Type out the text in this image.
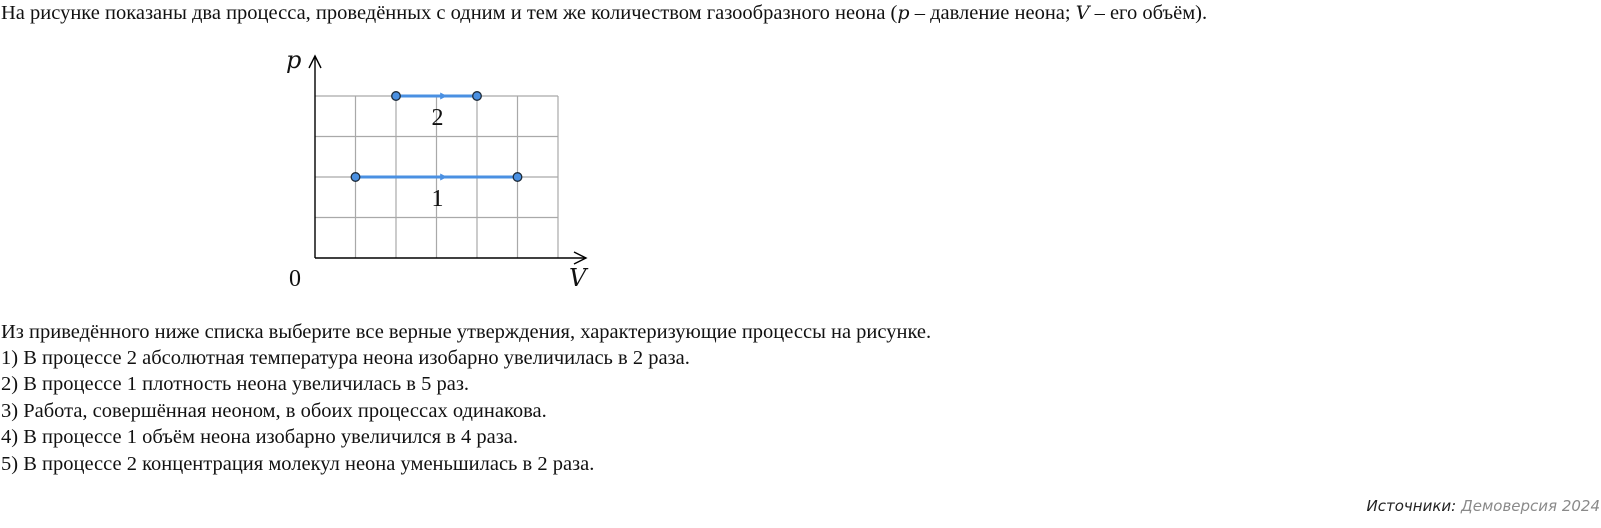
На рисунке показаны два процесса, проведённых с одним и тем же количеством газообразного неона (p – давление неона; V – его объём).
p
V
0
1
2
Из приведённого ниже списка выберите все верные утверждения, характеризующие процессы на рисунке.
1) В процессе 2 абсолютная температура неона изобарно увеличилась в 2 раза.
2) В процессе 1 плотность неона увеличилась в 5 раз.
3) Работа, совершённая неоном, в обоих процессах одинакова.
4) В процессе 1 объём неона изобарно увеличился в 4 раза.
5) В процессе 2 концентрация молекул неона уменьшилась в 2 раза.
Источники: Демоверсия 2024
